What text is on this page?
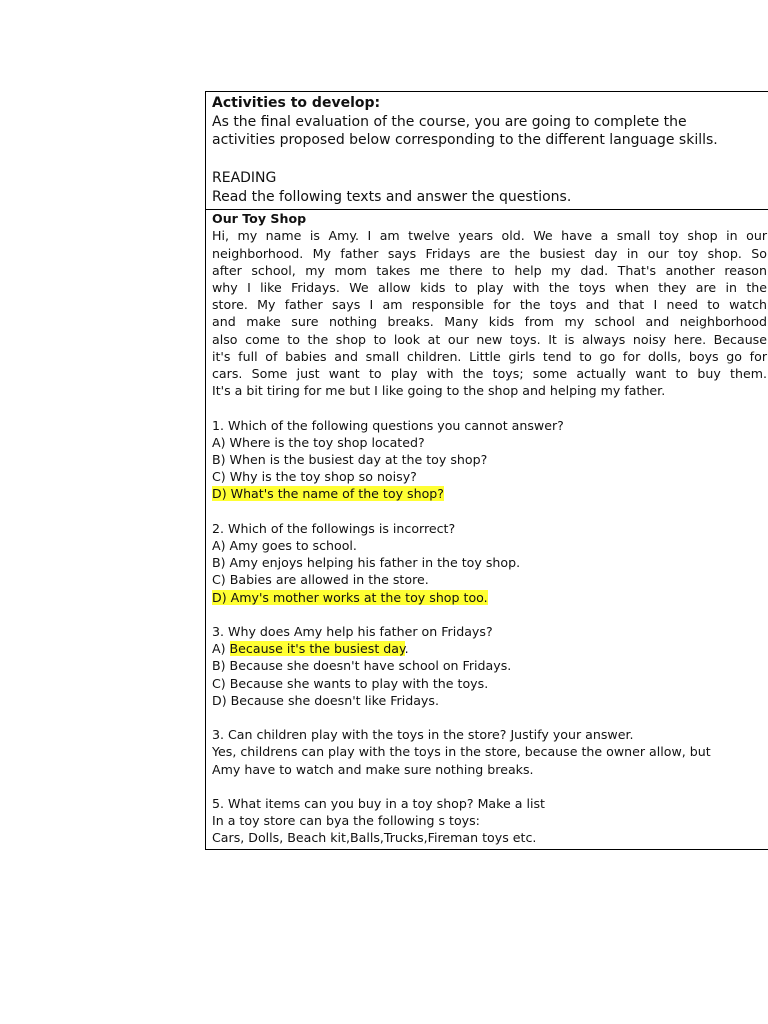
Activities to develop:
As the final evaluation of the course, you are going to complete the
activities proposed below corresponding to the different language skills.
READING
Read the following texts and answer the questions.
Our Toy Shop
Hi, my name is Amy. I am twelve years old. We have a small toy shop in our
neighborhood. My father says Fridays are the busiest day in our toy shop. So
after school, my mom takes me there to help my dad. That's another reason
why I like Fridays. We allow kids to play with the toys when they are in the
store. My father says I am responsible for the toys and that I need to watch
and make sure nothing breaks. Many kids from my school and neighborhood
also come to the shop to look at our new toys. It is always noisy here. Because
it's full of babies and small children. Little girls tend to go for dolls, boys go for
cars. Some just want to play with the toys; some actually want to buy them.
It's a bit tiring for me but I like going to the shop and helping my father.
1. Which of the following questions you cannot answer?
A) Where is the toy shop located?
B) When is the busiest day at the toy shop?
C) Why is the toy shop so noisy?
D) What's the name of the toy shop?
2. Which of the followings is incorrect?
A) Amy goes to school.
B) Amy enjoys helping his father in the toy shop.
C) Babies are allowed in the store.
D) Amy's mother works at the toy shop too.
3. Why does Amy help his father on Fridays?
A) Because it's the busiest day.
B) Because she doesn't have school on Fridays.
C) Because she wants to play with the toys.
D) Because she doesn't like Fridays.
3. Can children play with the toys in the store? Justify your answer.
Yes, childrens can play with the toys in the store, because the owner allow, but
Amy have to watch and make sure nothing breaks.
5. What items can you buy in a toy shop? Make a list
In a toy store can bya the following s toys:
Cars, Dolls, Beach kit,Balls,Trucks,Fireman toys etc.
